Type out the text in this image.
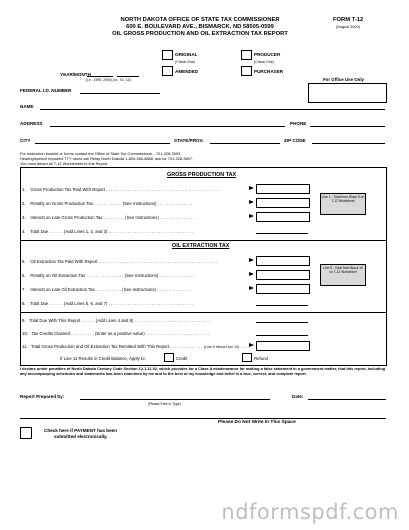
NORTH DAKOTA OFFICE OF STATE TAX COMMISSIONER
600 E. BOULEVARD AVE., BISMARCK, ND 58505-0599
OIL GROSS PRODUCTION AND OIL EXTRACTION TAX REPORT
FORM T-12
(August 2000)
ORIGINAL
(Check One)
AMENDED
PRODUCER
(Check One)
PURCHASER
YEAR/MONTH
(i.e., 1999, 2000) (i.e., 01, 12)	For Office Use Only
FEDERAL I.D. NUMBER
NAME
ADDRESS	PHONE
CITY	STATE/PROV.	ZIP CODE
For instruction booklet or forms contact the Office of State Tax Commissioner - 701-328-3593.
Hearing/speech impaired TTY users call Relay North Dakota 1-800-366-6888, ask for 701-328-3657.
You must attach all T-12 Worksheets to this Report.
GROSS PRODUCTION TAX
1. Gross Production Tax Paid With Report . . . . . . . . . . . . . . . . . . . . . . . . . . . . . . . . . . . . . . . . . . . . . . . .
2. Penalty on Gross Production Tax . . . . . . . . . . . . (See Instructions) . . . . . . . . . . . . . . .
3. Interest on Late Gross Production Tax . . . . . . . . . (See Instructions) . . . . . . . . . . . . . . .
4. Total Due . . . . . . (Add Lines 1, 2, and 3) . . . . . . . . . . . . . . . . . . . . . . . . . . . . . . . . . . . .
Line 1 - Total from Block 9 on T-12 Worksheet
OIL EXTRACTION TAX
5. Oil Extraction Tax Paid With Report . . . . . . . . . . . . . . . . . . . . . . . . . . . . . . . . . . . . . . . . . . . . . . . . . .
6. Penalty on Oil Extraction Tax . . . . . . . . . . . . . . . . (See Instructions) . . . . . . . . . . . . . . .
7. Interest on Late Oil Extraction Tax . . . . . . . . . . . (See Instructions) . . . . . . . . . . . . . . .
8. Total Due . . . . . . (Add Lines 5, 6, and 7) . . . . . . . . . . . . . . . . . . . . . . . . . . . . . . . . . . . .
Line 5 - Total from Block 10 on T-12 Worksheet
9. Total Due With This Report . . . . . . (Add Lines 4 and 8) . . . . . . . . . . . . . . . . . . . . . . . . . . . . . . . .
10. Tax Credits Claimed . . . . . . . . . . (Enter as a positive value) . . . . . . . . . . . . . . . . . . . . . . . . . . .
11. Total Gross Production and Oil Extraction Tax Remitted With This Report . . . . . . . . . . . . . . (Line 9 minus Line 10) . . . .
If Line 11 Results in Credit Balance, Apply to:	Credit	Refund
I declare under penalties of North Dakota Century Code Section 12.1-11.02, which provides for a Class A misdemeanor for making a false statement in a government matter, that this report, including any accompanying schedules and statements has been examined by me and to the best of my knowledge and belief is a true, correct, and complete report.
Report Prepared by:
(Please Print or Type)
Date:
Please Do Not Write In This Space
Check here if PAYMENT has been
submitted electronically.
ndformspdf.com
